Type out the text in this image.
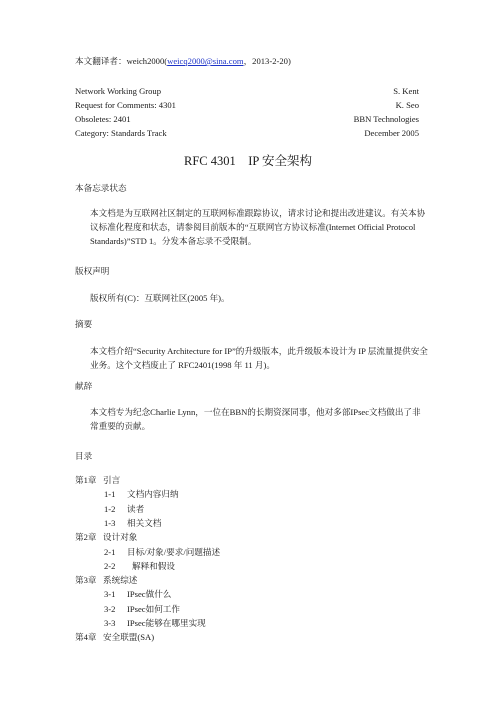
本文翻译者：weich2000(weicq2000@sina.com，2013-2-20)
Network Working Group	S. Kent
Request for Comments: 4301	K. Seo
Obsoletes: 2401	BBN Technologies
Category: Standards Track	December 2005
RFC 4301    IP 安全架构
本备忘录状态
本文档是为互联网社区制定的互联网标准跟踪协议，请求讨论和提出改进建议。有关本协议标准化程度和状态，请参阅目前版本的“互联网官方协议标准(Internet Official Protocol Standards)”STD 1。分发本备忘录不受限制。
版权声明
版权所有(C)：互联网社区(2005 年)。
摘要
本文档介绍“Security Architecture for IP”的升级版本，此升级版本设计为 IP 层流量提供安全业务。这个文档废止了 RFC2401(1998 年 11 月)。
献辞
本文档专为纪念Charlie Lynn，一位在BBN的长期资深同事，他对多部IPsec文档做出了非常重要的贡献。
目录
第1章 引言
1-1 文档内容归纳
1-2 读者
1-3 相关文档
第2章 设计对象
2-1 目标/对象/要求/问题描述
2-2 解释和假设
第3章 系统综述
3-1 IPsec做什么
3-2 IPsec如何工作
3-3 IPsec能够在哪里实现
第4章 安全联盟(SA)
